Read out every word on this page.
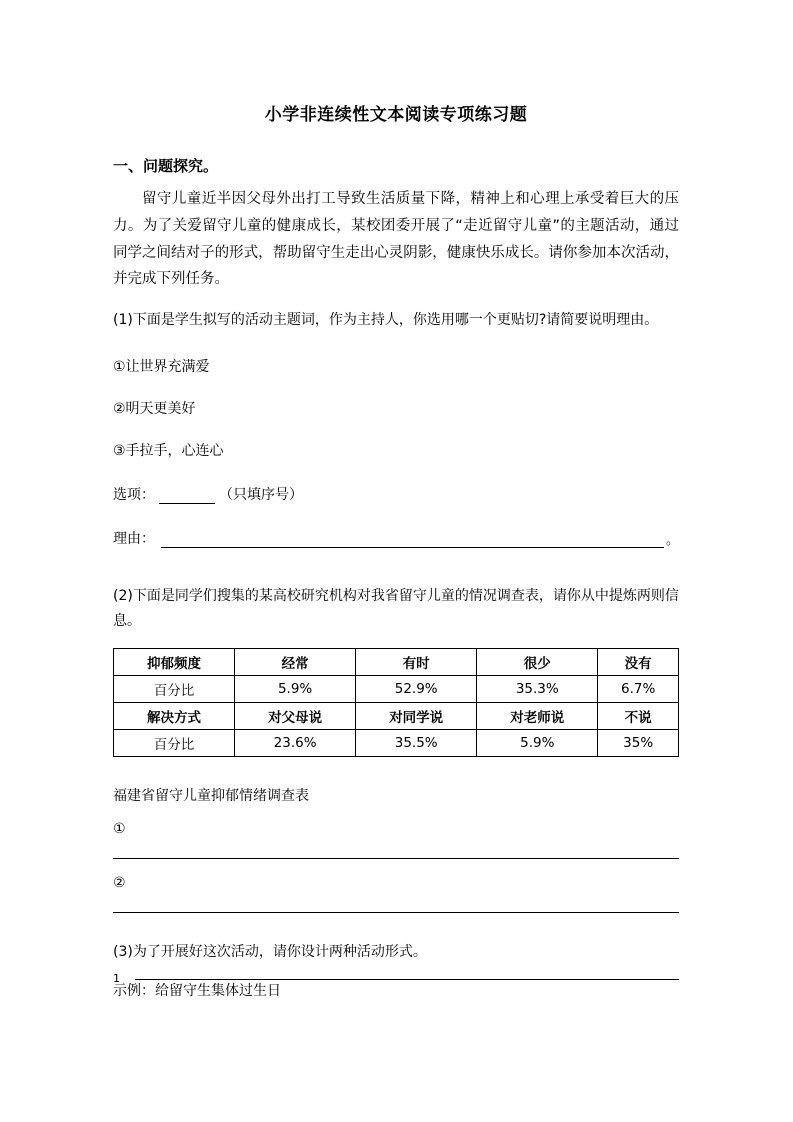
小学非连续性文本阅读专项练习题
一、问题探究。

留守儿童近半因父母外出打工导致生活质量下降，精神上和心理上承受着巨大的压力。为了关爱留守儿童的健康成长，某校团委开展了“走近留守儿童”的主题活动，通过同学之间结对子的形式，帮助留守生走出心灵阴影，健康快乐成长。请你参加本次活动，并完成下列任务。

(1)下面是学生拟写的活动主题词，作为主持人，你选用哪一个更贴切?请简要说明理由。

①让世界充满爱

②明天更美好

③手拉手，心连心

选项：	（只填序号）
理由：	。

(2)下面是同学们搜集的某高校研究机构对我省留守儿童的情况调查表，请你从中提炼两则信息。

抑郁频度	经常	有时	很少	没有
百分比	5.9%	52.9%	35.3%	6.7%
解决方式	对父母说	对同学说	对老师说	不说
百分比	23.6%	35.5%	5.9%	35%
福建省留守儿童抑郁情绪调查表
①
②

(3)为了开展好这次活动，请你设计两种活动形式。

示例：给留守生集体过生日

1
